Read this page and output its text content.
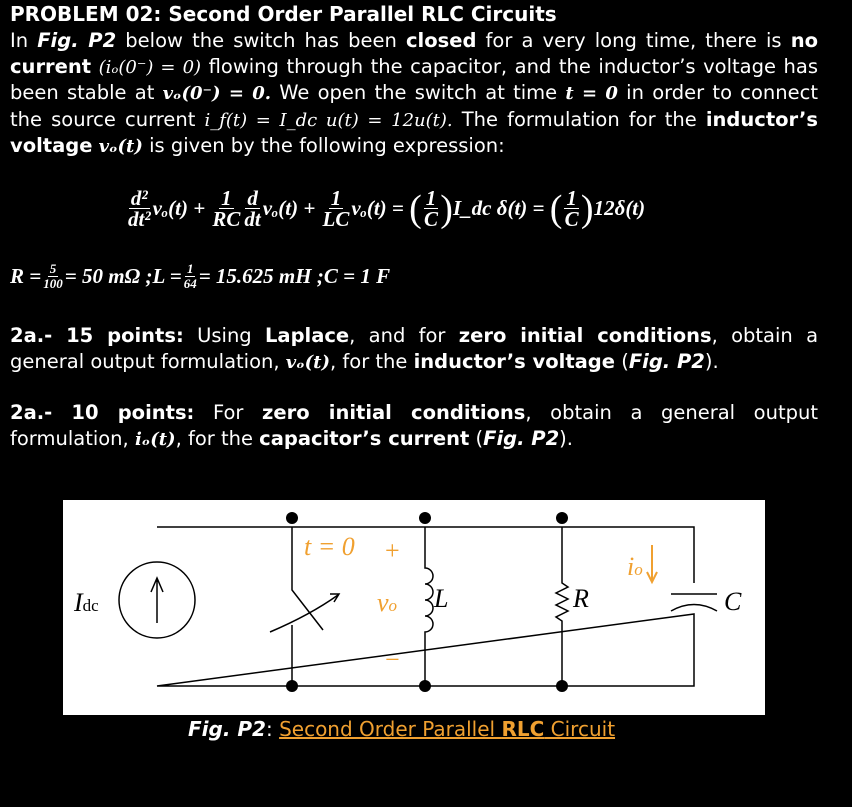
PROBLEM 02: Second Order Parallel RLC Circuits
In Fig. P2 below the switch has been closed for a very long time, there is no current (iₒ(0⁻) = 0) flowing through the capacitor, and the inductor’s voltage has been stable at vₒ(0⁻) = 0. We open the switch at time t = 0 in order to connect the source current i_f(t) = I_dc u(t) = 12u(t). The formulation for the inductor’s voltage vₒ(t) is given by the following expression:
d²
dt² $v_o(t) + \frac{1}{RC}$ d
dt $v_o(t) + \frac{1}{LC} v_o(t)$ = ( 1
C ) I_dc δ(t) = ( 1
C ) 12δ(t)
$R = \frac{5}{100} = 50$ mΩ ; $L = \frac{1}{64} = 15.625$ mH ; C = 1 F
2a.- 15 points: Using Laplace, and for zero initial conditions, obtain a general output formulation, vₒ(t), for the inductor’s voltage (Fig. P2).
2a.- 10 points: For zero initial conditions, obtain a general output formulation, iₒ(t), for the capacitor’s current (Fig. P2).
Idc
t = 0 +
−
vo L	R	C
io
Fig. P2: Second Order Parallel RLC Circuit
